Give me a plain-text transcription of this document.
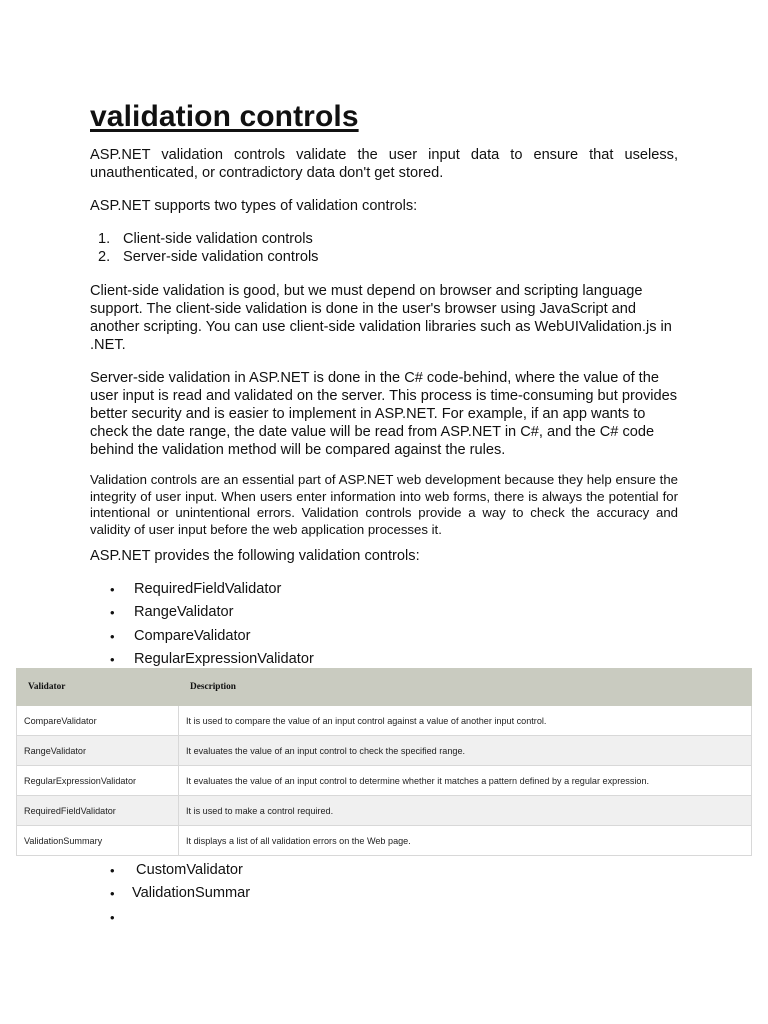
validation controls

ASP.NET validation controls validate the user input data to ensure that useless, unauthenticated, or contradictory data don't get stored.

ASP.NET supports two types of validation controls:

1. Client-side validation controls
2. Server-side validation controls

Client-side validation is good, but we must depend on browser and scripting language support. The client-side validation is done in the user's browser using JavaScript and another scripting. You can use client-side validation libraries such as WebUIValidation.js in .NET.

Server-side validation in ASP.NET is done in the C# code-behind, where the value of the user input is read and validated on the server. This process is time-consuming but provides better security and is easier to implement in ASP.NET. For example, if an app wants to check the date range, the date value will be read from ASP.NET in C#, and the C# code behind the validation method will be compared against the rules.

Validation controls are an essential part of ASP.NET web development because they help ensure the integrity of user input. When users enter information into web forms, there is always the potential for intentional or unintentional errors. Validation controls provide a way to check the accuracy and validity of user input before the web application processes it.

ASP.NET provides the following validation controls:

•	RequiredFieldValidator
•	RangeValidator
•	CompareValidator
•	RegularExpressionValidator
Validator	Description
CompareValidator	It is used to compare the value of an input control against a value of another input control.
RangeValidator	It evaluates the value of an input control to check the specified range.
RegularExpressionValidator	It evaluates the value of an input control to determine whether it matches a pattern defined by a regular expression.
RequiredFieldValidator	It is used to make a control required.
ValidationSummary	It displays a list of all validation errors on the Web page.
•	CustomValidator
•	ValidationSummar
•
